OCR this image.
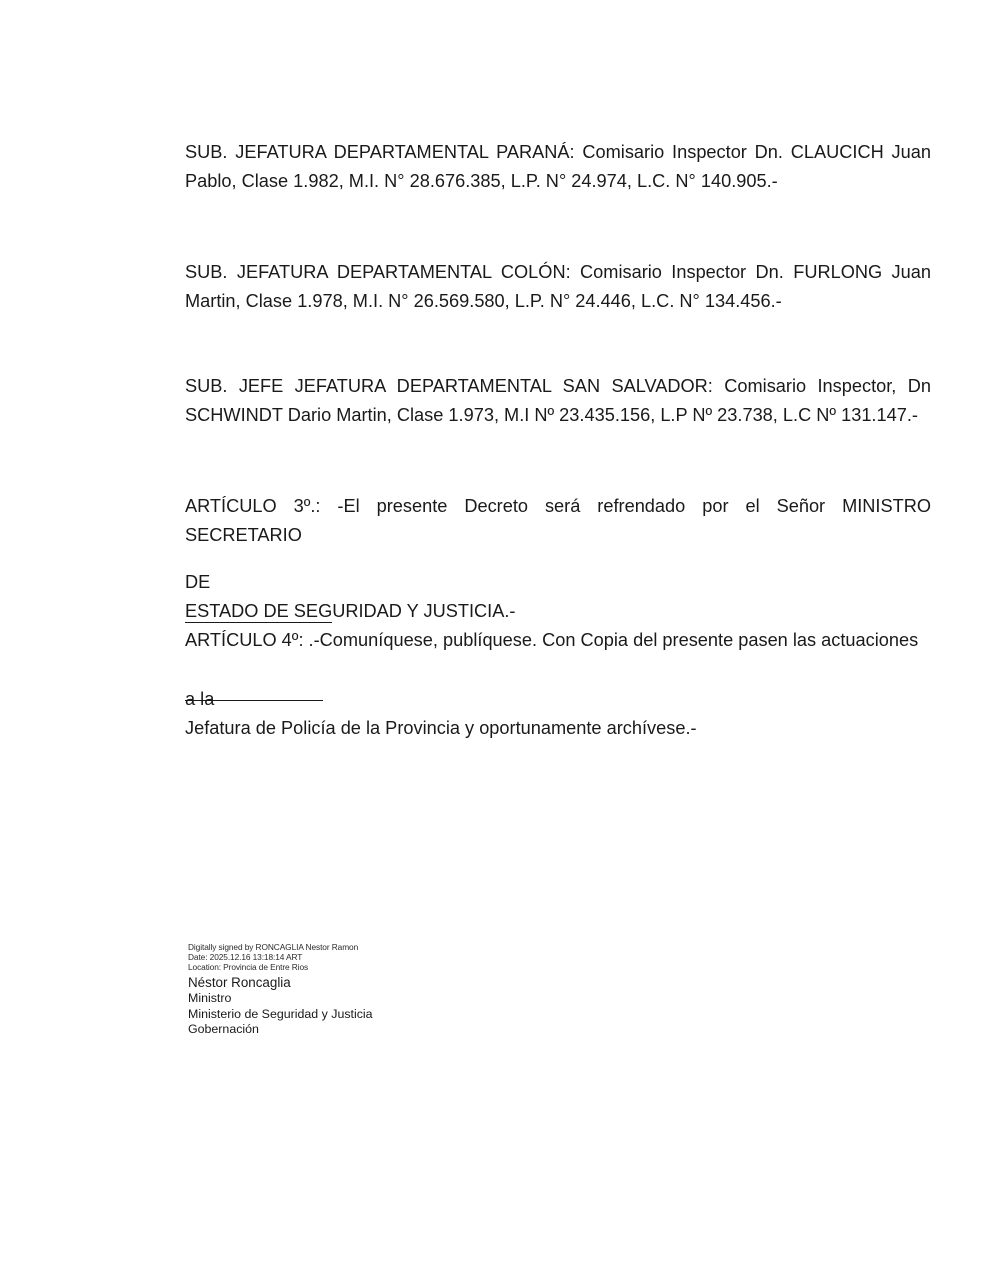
SUB. JEFATURA DEPARTAMENTAL PARANÁ: Comisario Inspector Dn. CLAUCICH Juan Pablo, Clase 1.982, M.I. N° 28.676.385, L.P. N° 24.974, L.C. N° 140.905.-

SUB. JEFATURA DEPARTAMENTAL COLÓN: Comisario Inspector Dn. FURLONG Juan Martin, Clase 1.978, M.I. N° 26.569.580, L.P. N° 24.446, L.C. N° 134.456.-

SUB. JEFE JEFATURA DEPARTAMENTAL SAN SALVADOR: Comisario Inspector, Dn SCHWINDT Dario Martin, Clase 1.973, M.I Nº 23.435.156, L.P Nº 23.738, L.C Nº 131.147.-

ARTÍCULO 3º.: -El presente Decreto será refrendado por el Señor MINISTRO SECRETARIO

DE

ESTADO DE SEGURIDAD Y JUSTICIA.-

ARTÍCULO 4º: .-Comuníquese, publíquese. Con Copia del presente pasen las actuaciones

a la

Jefatura de Policía de la Provincia y oportunamente archívese.-

Digitally signed by RONCAGLIA Nestor Ramon
Date: 2025.12.16 13:18:14 ART
Location: Provincia de Entre Rios
Néstor Roncaglia
Ministro
Ministerio de Seguridad y Justicia
Gobernación
